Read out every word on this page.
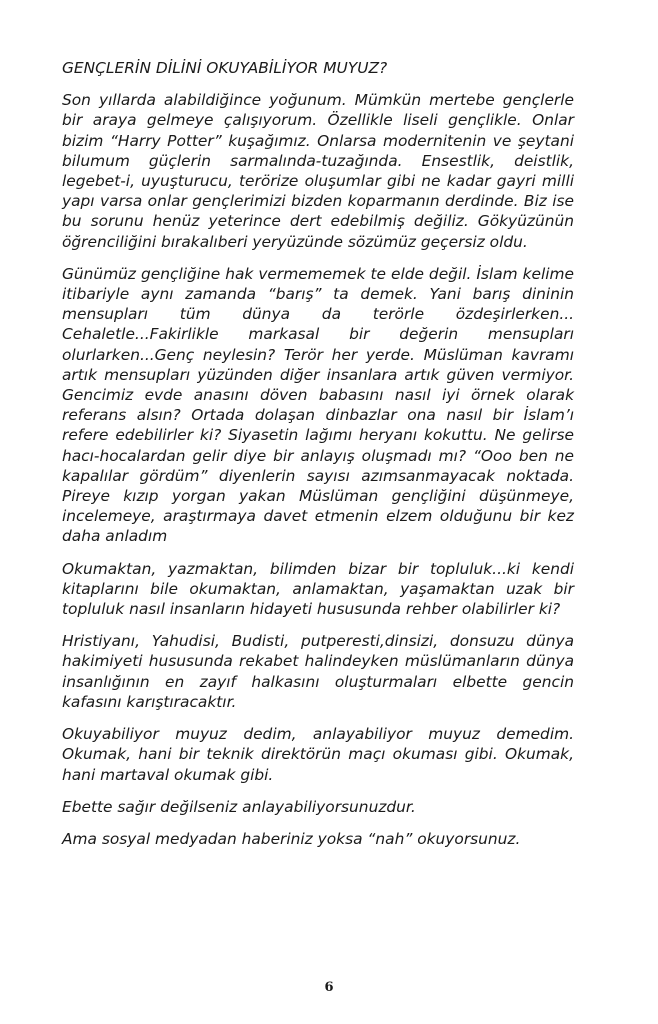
GENÇLERİN DİLİNİ OKUYABİLİYOR MUYUZ?

Son yıllarda alabildiğince yoğunum. Mümkün mertebe gençlerle bir araya gelmeye çalışıyorum. Özellikle liseli gençlikle. Onlar bizim “Harry Potter” kuşağımız. Onlarsa modernitenin ve şeytani bilumum güçlerin sarmalında-tuzağında. Ensestlik, deistlik, legebet-i, uyuşturucu, terörize oluşumlar gibi ne kadar gayri milli yapı varsa onlar gençlerimizi bizden koparmanın derdinde. Biz ise bu sorunu henüz yeterince dert edebilmiş değiliz. Gökyüzünün öğrenciliğini bırakalıberi yeryüzünde sözümüz geçersiz oldu.

Günümüz gençliğine hak vermememek te elde değil. İslam kelime itibariyle aynı zamanda “barış” ta demek. Yani barış dininin mensupları tüm dünya da terörle özdeşirlerken... Cehaletle...Fakirlikle markasal bir değerin mensupları olurlarken...Genç neylesin? Terör her yerde. Müslüman kavramı artık mensupları yüzünden diğer insanlara artık güven vermiyor. Gencimiz evde anasını döven babasını nasıl iyi örnek olarak referans alsın? Ortada dolaşan dinbazlar ona nasıl bir İslam’ı refere edebilirler ki? Siyasetin lağımı heryanı kokuttu. Ne gelirse hacı-hocalardan gelir diye bir anlayış oluşmadı mı? “Ooo ben ne kapalılar gördüm” diyenlerin sayısı azımsanmayacak noktada. Pireye kızıp yorgan yakan Müslüman gençliğini düşünmeye, incelemeye, araştırmaya davet etmenin elzem olduğunu bir kez daha anladım

Okumaktan, yazmaktan, bilimden bizar bir topluluk...ki kendi kitaplarını bile okumaktan, anlamaktan, yaşamaktan uzak bir topluluk nasıl insanların hidayeti hususunda rehber olabilirler ki?

Hristiyanı, Yahudisi, Budisti, putperesti,dinsizi, donsuzu dünya hakimiyeti hususunda rekabet halindeyken müslümanların dünya insanlığının en zayıf halkasını oluşturmaları elbette gencin kafasını karıştıracaktır.

Okuyabiliyor muyuz dedim, anlayabiliyor muyuz demedim. Okumak, hani bir teknik direktörün maçı okuması gibi. Okumak, hani martaval okumak gibi.

Ebette sağır değilseniz anlayabiliyorsunuzdur.

Ama sosyal medyadan haberiniz yoksa “nah” okuyorsunuz.

6
